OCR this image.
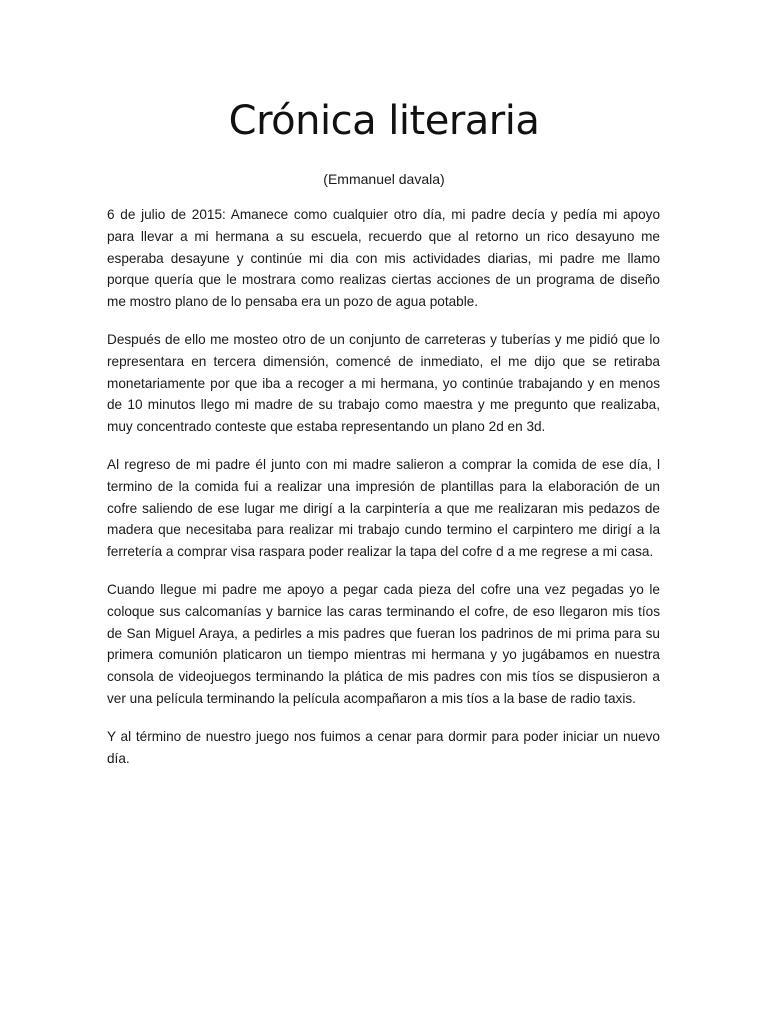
Crónica literaria

(Emmanuel davala)

6 de julio de 2015: Amanece como cualquier otro día, mi padre decía y pedía mi apoyo para llevar a mi hermana a su escuela, recuerdo que al retorno un rico desayuno me esperaba desayune y continúe mi dia con mis actividades diarias, mi padre me llamo porque quería que le mostrara como realizas ciertas acciones de un programa de diseño me mostro plano de lo pensaba era un pozo de agua potable.

Después de ello me mosteo otro de un conjunto de carreteras y tuberías y me pidió que lo representara en tercera dimensión, comencé de inmediato, el me dijo que se retiraba monetariamente por que iba a recoger a mi hermana, yo continúe trabajando y en menos de 10 minutos llego mi madre de su trabajo como maestra y me pregunto que realizaba, muy concentrado conteste que estaba representando un plano 2d en 3d.

Al regreso de mi padre él junto con mi madre salieron a comprar la comida de ese día, l termino de la comida fui a realizar una impresión de plantillas para la elaboración de un cofre saliendo de ese lugar me dirigí a la carpintería a que me realizaran mis pedazos de madera que necesitaba para realizar mi trabajo cundo termino el carpintero me dirigí a la ferretería a comprar visa raspara poder realizar la tapa del cofre d a me regrese a mi casa.

Cuando llegue mi padre me apoyo a pegar cada pieza del cofre una vez pegadas yo le coloque sus calcomanías y barnice las caras terminando el cofre, de eso llegaron mis tíos de San Miguel Araya, a pedirles a mis padres que fueran los padrinos de mi prima para su primera comunión platicaron un tiempo mientras mi hermana y yo jugábamos en nuestra consola de videojuegos terminando la plática de mis padres con mis tíos se dispusieron a ver una película terminando la película acompañaron a mis tíos a la base de radio taxis.

Y al término de nuestro juego nos fuimos a cenar para dormir para poder iniciar un nuevo día.
